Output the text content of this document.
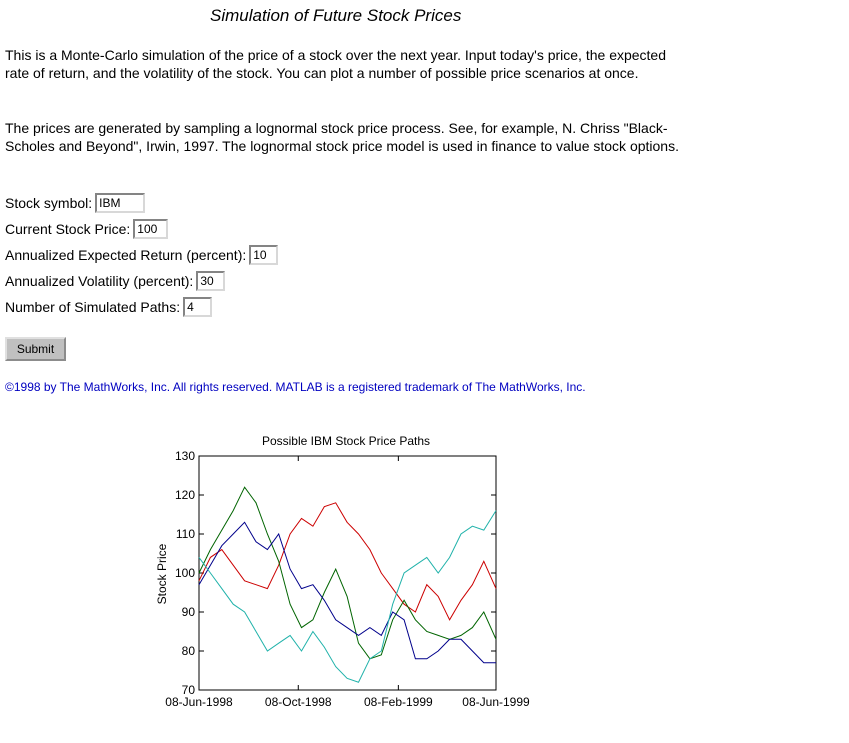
Simulation of Future Stock Prices

This is a Monte-Carlo simulation of the price of a stock over the next year. Input today's price, the expected rate of return, and the volatility of the stock. You can plot a number of possible price scenarios at once.

The prices are generated by sampling a lognormal stock price process. See, for example, N. Chriss "Black-Scholes and Beyond", Irwin, 1997. The lognormal stock price model is used in finance to value stock options.

Stock symbol:
IBM
Current Stock Price:
100
Annualized Expected Return (percent):
10
Annualized Volatility (percent):
30
Number of Simulated Paths:
4
Submit
©1998 by The MathWorks, Inc. All rights reserved. MATLAB is a registered trademark of The MathWorks, Inc.
Possible IBM Stock Price Paths
Stock Price
70
80
90
100
110
120
130
08-Jun-1998	08-Oct-1998	08-Feb-1999 08-Jun-1999
